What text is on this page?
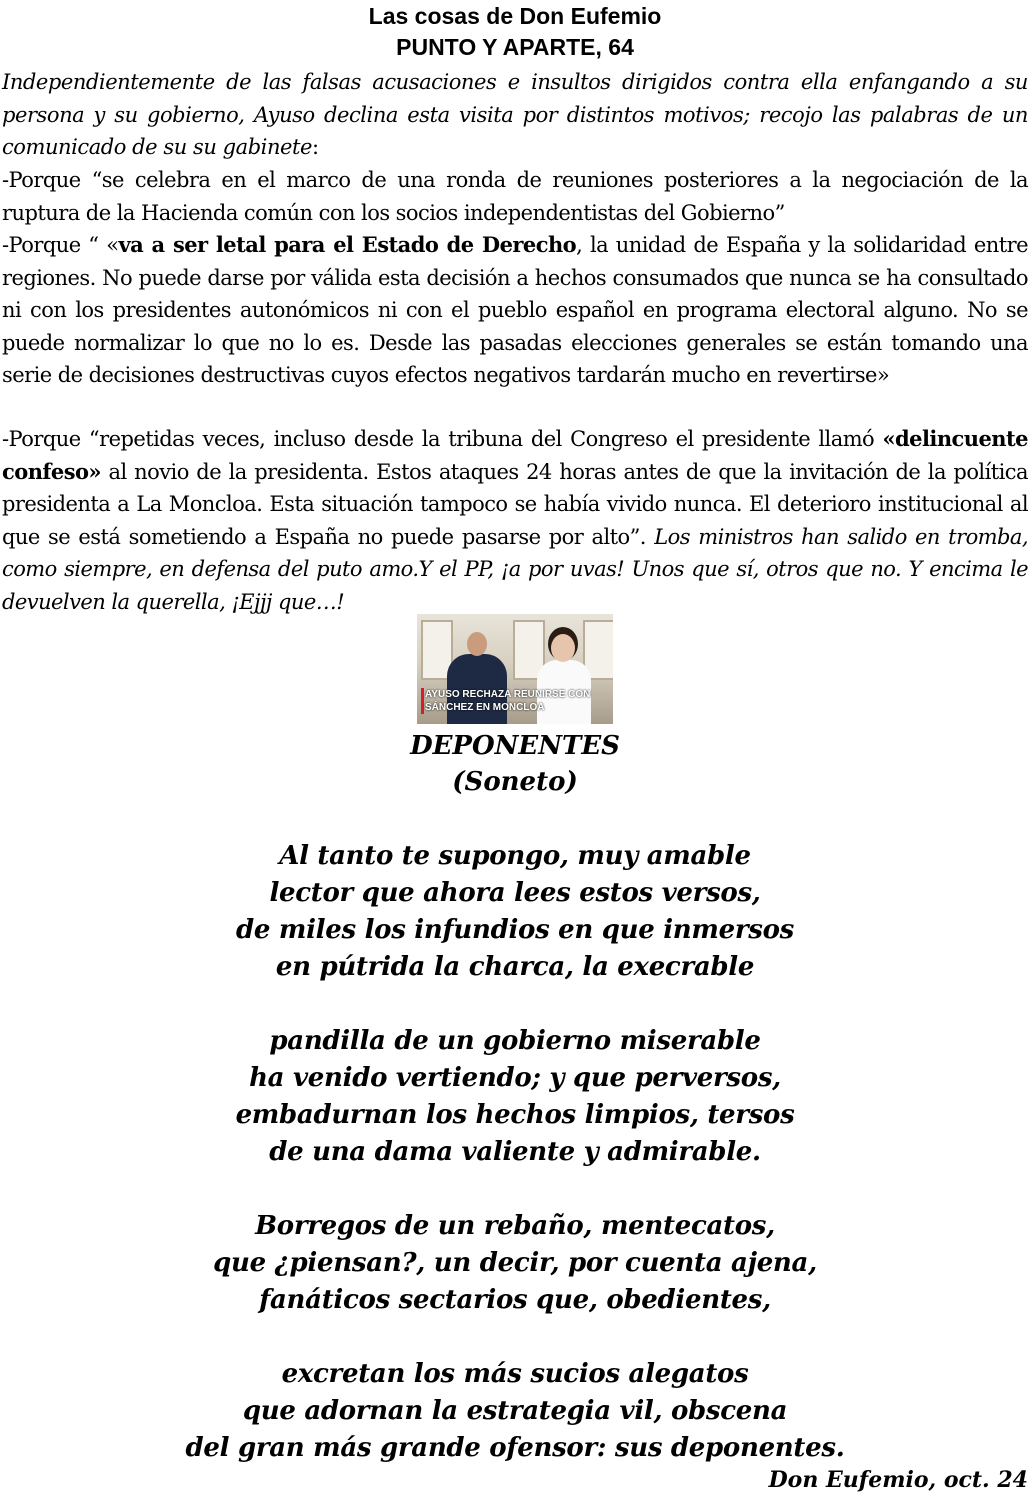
Las cosas de Don Eufemio
PUNTO Y APARTE, 64

Independientemente de las falsas acusaciones e insultos dirigidos contra ella enfangando a su persona y su gobierno, Ayuso declina esta visita por distintos motivos; recojo las palabras de un comunicado de su su gabinete:

-Porque “se celebra en el marco de una ronda de reuniones posteriores a la negociación de la ruptura de la Hacienda común con los socios independentistas del Gobierno”

-Porque “ «va a ser letal para el Estado de Derecho, la unidad de España y la solidaridad entre regiones. No puede darse por válida esta decisión a hechos consumados que nunca se ha consultado ni con los presidentes autonómicos ni con el pueblo español en programa electoral alguno. No se puede normalizar lo que no lo es. Desde las pasadas elecciones generales se están tomando una serie de decisiones destructivas cuyos efectos negativos tardarán mucho en revertirse»

-Porque “repetidas veces, incluso desde la tribuna del Congreso el presidente llamó «delincuente confeso» al novio de la presidenta. Estos ataques 24 horas antes de que la invitación de la política presidenta a La Moncloa. Esta situación tampoco se había vivido nunca. El deterioro institucional al que se está sometiendo a España no puede pasarse por alto”. Los ministros han salido en tromba, como siempre, en defensa del puto amo.Y el PP, ¡a por uvas! Unos que sí, otros que no. Y encima le devuelven la querella, ¡Ejjj que…!

AYUSO RECHAZA REUNIRSE CON
SÁNCHEZ EN MONCLOA
DEPONENTES
(Soneto)
Al tanto te supongo, muy amable
lector que ahora lees estos versos,
de miles los infundios en que inmersos
en pútrida la charca, la execrable
pandilla de un gobierno miserable
ha venido vertiendo; y que perversos,
embadurnan los hechos limpios, tersos
de una dama valiente y admirable.
Borregos de un rebaño, mentecatos,
que ¿piensan?, un decir, por cuenta ajena,
fanáticos sectarios que, obedientes,
excretan los más sucios alegatos
que adornan la estrategia vil, obscena
del gran más grande ofensor: sus deponentes.
Don Eufemio, oct. 24
